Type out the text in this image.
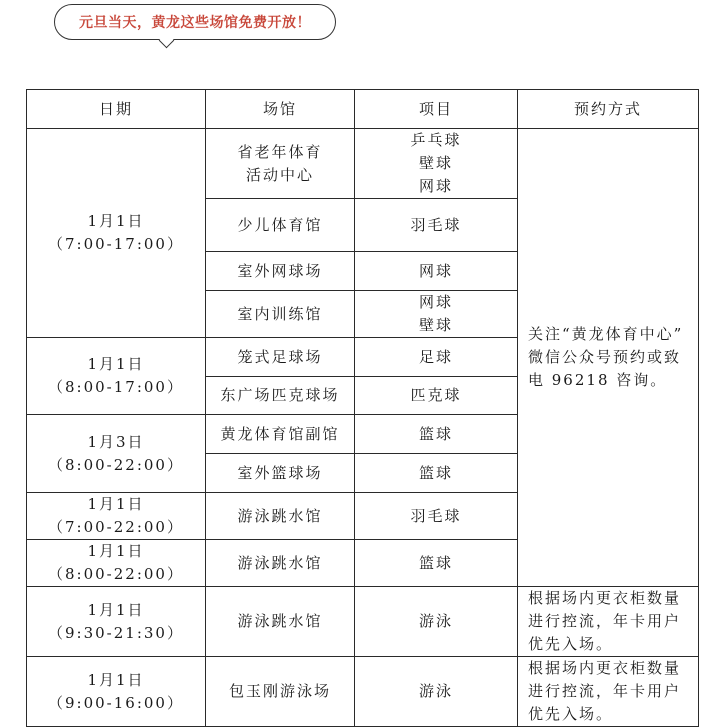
元旦当天，黄龙这些场馆免费开放！
日期	场馆	项目	预约方式

1月1日
（7:00-17:00）	省老年体育
活动中心	乒乓球
壁球
网球	关注“黄龙体育中心”
微信公众号预约或致
电 96218 咨询。

	少儿体育馆	羽毛球	
	室外网球场	网球	
	室内训练馆	网球
壁球	

1月1日
（8:00-17:00）	笼式足球场	足球	
	东广场匹克球场	匹克球	

1月3日
（8:00-22:00）	黄龙体育馆副馆	篮球	
	室外篮球场	篮球	

1月1日
（7:00-22:00）	游泳跳水馆	羽毛球	

1月1日
（8:00-22:00）	游泳跳水馆	篮球	

1月1日
（9:30-21:30）	游泳跳水馆	游泳	根据场内更衣柜数量
进行控流，年卡用户
优先入场。

1月1日
（9:00-16:00）	包玉刚游泳场	游泳	根据场内更衣柜数量
进行控流，年卡用户
优先入场。
